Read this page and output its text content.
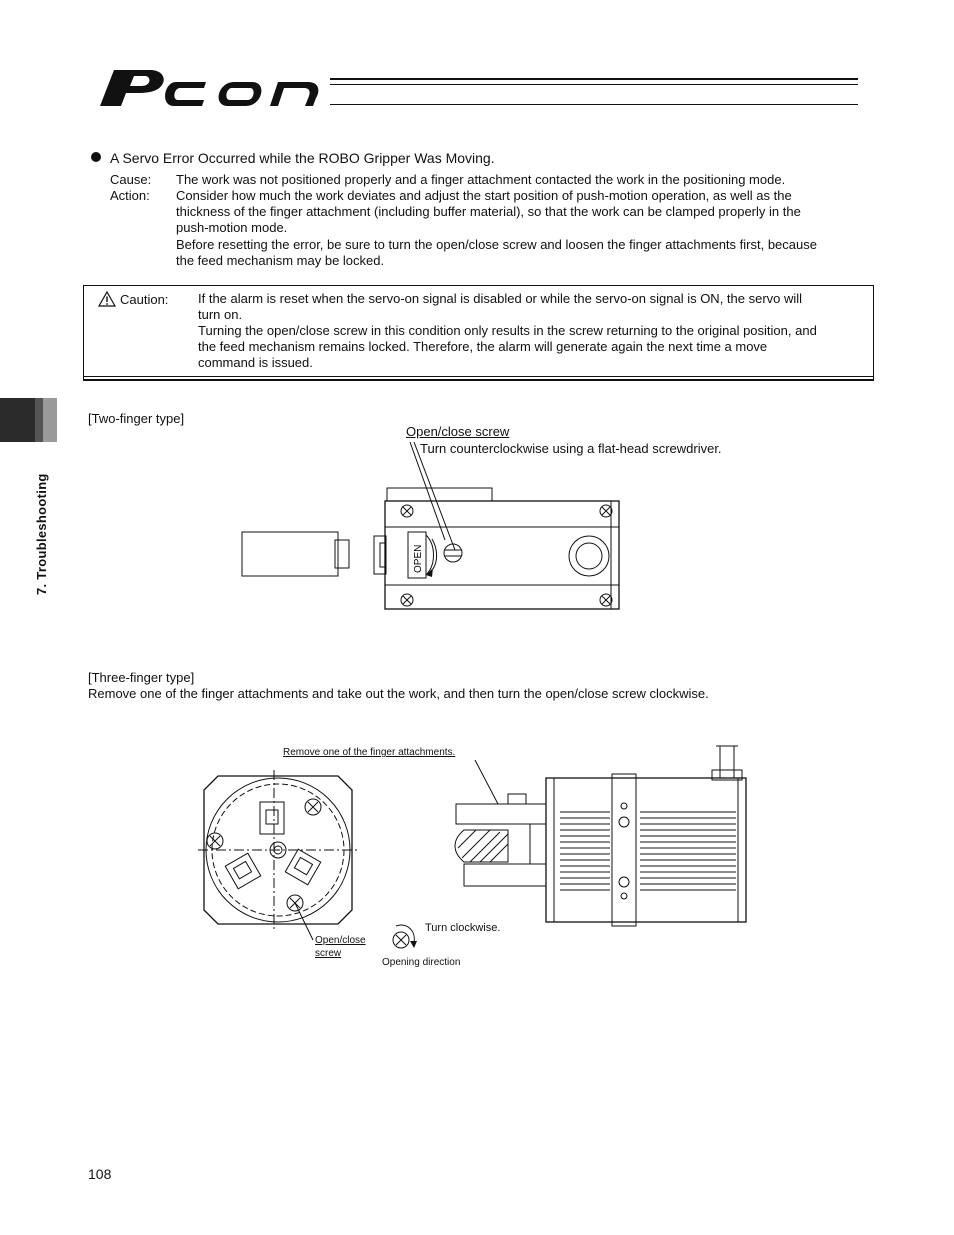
7. Troubleshooting
A Servo Error Occurred while the ROBO Gripper Was Moving.
Cause: The work was not positioned properly and a finger attachment contacted the work in the positioning mode.
Action: Consider how much the work deviates and adjust the start position of push-motion operation, as well as the
thickness of the finger attachment (including buffer material), so that the work can be clamped properly in the
push-motion mode.
Before resetting the error, be sure to turn the open/close screw and loosen the finger attachments first, because
the feed mechanism may be locked.
Caution: If the alarm is reset when the servo-on signal is disabled or while the servo-on signal is ON, the servo will
turn on.
Turning the open/close screw in this condition only results in the screw returning to the original position, and
the feed mechanism remains locked. Therefore, the alarm will generate again the next time a move
command is issued.
[Two-finger type]
Open/close screw
Turn counterclockwise using a flat-head screwdriver.
OPEN
[Three-finger type]
Remove one of the finger attachments and take out the work, and then turn the open/close screw clockwise.
Remove one of the finger attachments.
Open/close
screw
Turn clockwise.
Opening direction
108
